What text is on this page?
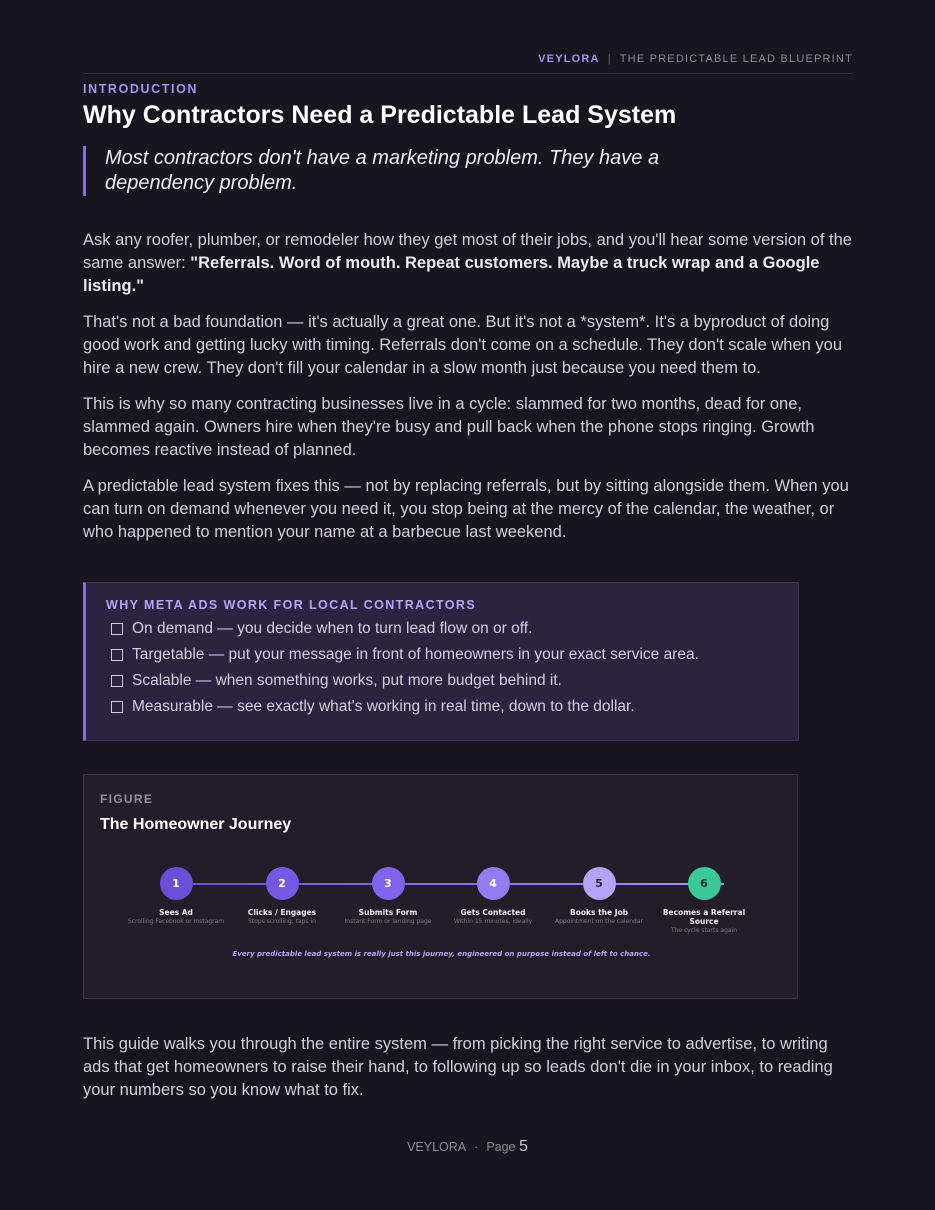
VEYLORA | THE PREDICTABLE LEAD BLUEPRINT
INTRODUCTION
Why Contractors Need a Predictable Lead System
Most contractors don't have a marketing problem. They have a dependency problem.

Ask any roofer, plumber, or remodeler how they get most of their jobs, and you'll hear some version of the same answer: "Referrals. Word of mouth. Repeat customers. Maybe a truck wrap and a Google listing."

That's not a bad foundation — it's actually a great one. But it's not a *system*. It's a byproduct of doing good work and getting lucky with timing. Referrals don't come on a schedule. They don't scale when you hire a new crew. They don't fill your calendar in a slow month just because you need them to.

This is why so many contracting businesses live in a cycle: slammed for two months, dead for one, slammed again. Owners hire when they're busy and pull back when the phone stops ringing. Growth becomes reactive instead of planned.

A predictable lead system fixes this — not by replacing referrals, but by sitting alongside them. When you can turn on demand whenever you need it, you stop being at the mercy of the calendar, the weather, or who happened to mention your name at a barbecue last weekend.

WHY META ADS WORK FOR LOCAL CONTRACTORS
On demand — you decide when to turn lead flow on or off.
Targetable — put your message in front of homeowners in your exact service area.
Scalable — when something works, put more budget behind it.
Measurable — see exactly what's working in real time, down to the dollar.
FIGURE
The Homeowner Journey
1
Sees Ad
Scrolling Facebook or Instagram
2
Clicks / Engages
Stops scrolling, taps in
3
Submits Form
Instant Form or landing page
4
Gets Contacted
Within 15 minutes, ideally
5
Books the Job
Appointment on the calendar
6
Becomes a Referral Source
The cycle starts again
Every predictable lead system is really just this journey, engineered on purpose instead of left to chance.

This guide walks you through the entire system — from picking the right service to advertise, to writing ads that get homeowners to raise their hand, to following up so leads don't die in your inbox, to reading your numbers so you know what to fix.

VEYLORA · Page 5
